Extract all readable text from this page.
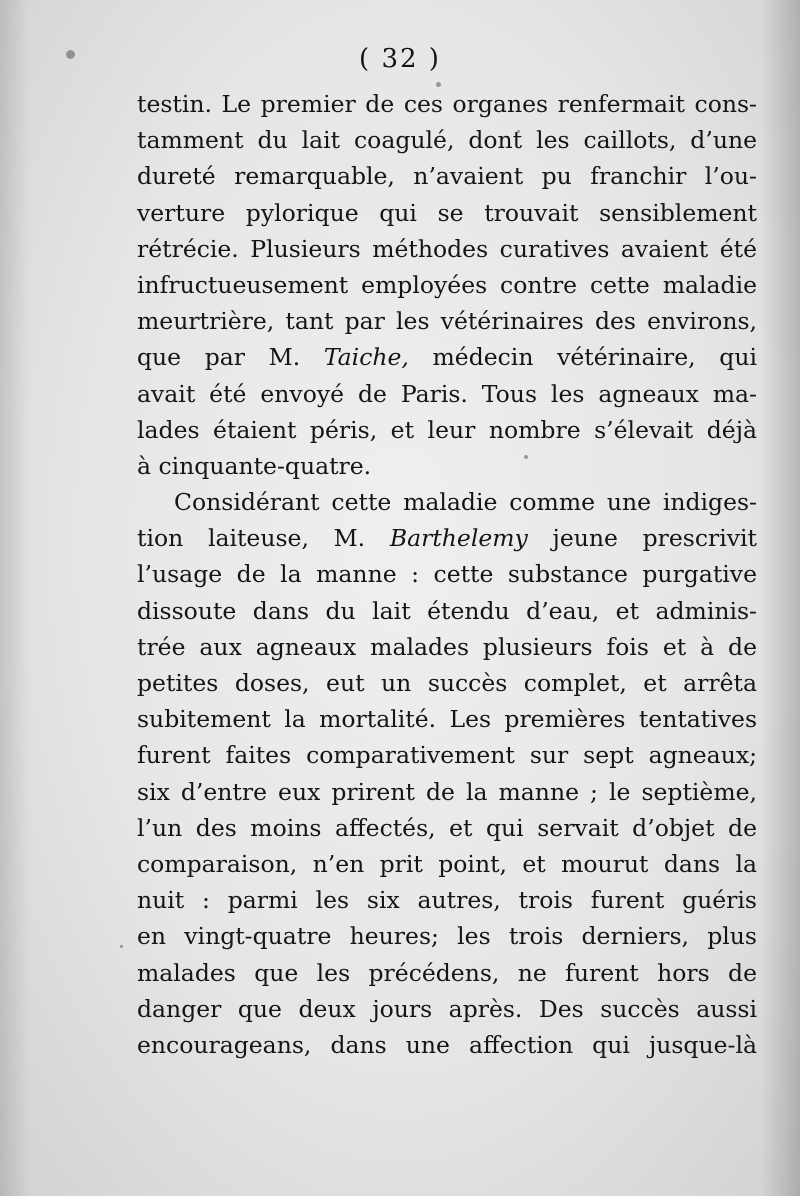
( 32 )
testin. Le premier de ces organes renfermait cons-
tamment du lait coagulé, dont les caillots, d’une
dureté remarquable, n’avaient pu franchir l’ou-
verture pylorique qui se trouvait sensiblement
rétrécie. Plusieurs méthodes curatives avaient été
infructueusement employées contre cette maladie
meurtrière, tant par les vétérinaires des environs,
que par M. Taiche, médecin vétérinaire, qui
avait été envoyé de Paris. Tous les agneaux ma-
lades étaient péris, et leur nombre s’élevait déjà
à cinquante-quatre.
Considérant cette maladie comme une indiges-
tion laiteuse, M. Barthelemy jeune prescrivit
l’usage de la manne : cette substance purgative
dissoute dans du lait étendu d’eau, et adminis-
trée aux agneaux malades plusieurs fois et à de
petites doses, eut un succès complet, et arrêta
subitement la mortalité. Les premières tentatives
furent faites comparativement sur sept agneaux;
six d’entre eux prirent de la manne ; le septième,
l’un des moins affectés, et qui servait d’objet de
comparaison, n’en prit point, et mourut dans la
nuit : parmi les six autres, trois furent guéris
en vingt-quatre heures; les trois derniers, plus
malades que les précédens, ne furent hors de
danger que deux jours après. Des succès aussi
encourageans, dans une affection qui jusque-là
